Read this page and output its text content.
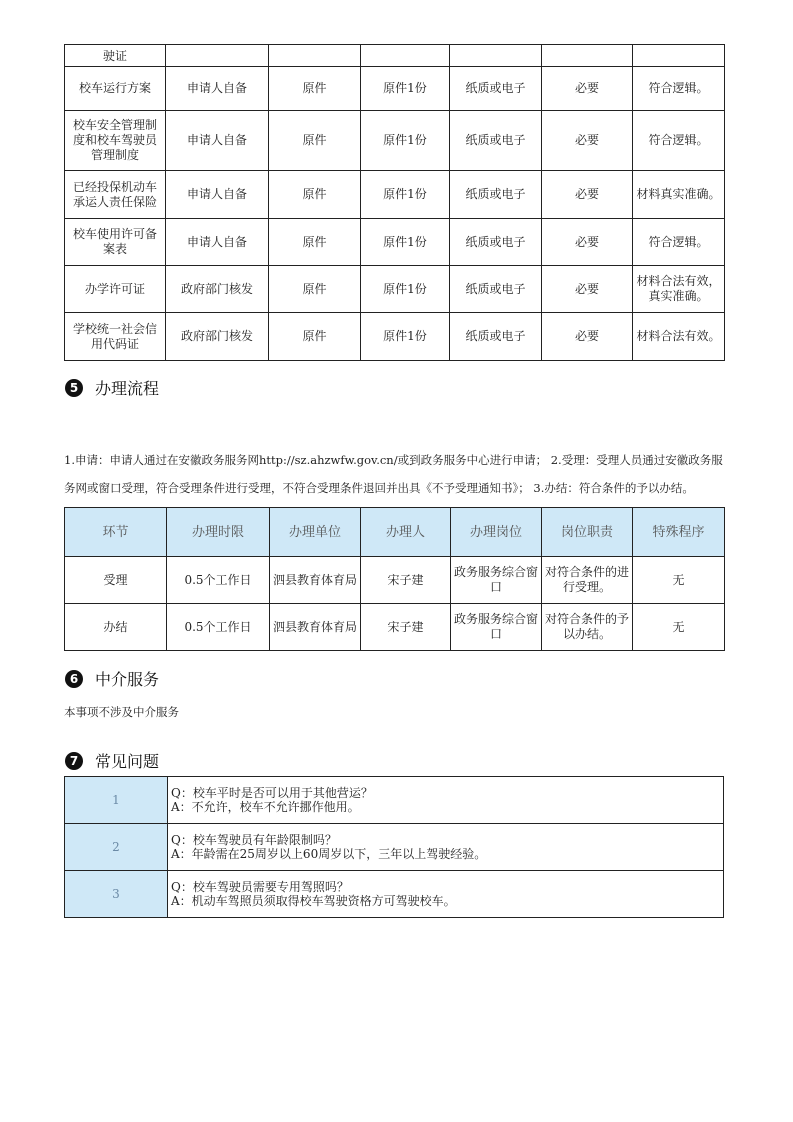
驶证						
校车运行方案	申请人自备	原件	原件1份	纸质或电子	必要	符合逻辑。
校车安全管理制度和校车驾驶员管理制度	申请人自备	原件	原件1份	纸质或电子	必要	符合逻辑。
已经投保机动车承运人责任保险	申请人自备	原件	原件1份	纸质或电子	必要	材料真实准确。
校车使用许可备案表	申请人自备	原件	原件1份	纸质或电子	必要	符合逻辑。
办学许可证	政府部门核发	原件	原件1份	纸质或电子	必要	材料合法有效，真实准确。
学校统一社会信用代码证	政府部门核发	原件	原件1份	纸质或电子	必要	材料合法有效。
5	办理流程
1.申请：申请人通过在安徽政务服务网http://sz.ahzwfw.gov.cn/或到政务服务中心进行申请； 2.受理：受理人员通过安徽政务服务网或窗口受理，符合受理条件进行受理，不符合受理条件退回并出具《不予受理通知书》； 3.办结：符合条件的予以办结。
环节	办理时限	办理单位	办理人	办理岗位	岗位职责	特殊程序
受理	0.5个工作日	泗县教育体育局	宋子建	政务服务综合窗口	对符合条件的进行受理。	无
办结	0.5个工作日	泗县教育体育局	宋子建	政务服务综合窗口	对符合条件的予以办结。	无
6	中介服务
本事项不涉及中介服务
7	常见问题
1	Q：校车平时是否可以用于其他营运？
A：不允许，校车不允许挪作他用。

2	Q：校车驾驶员有年龄限制吗？
A：年龄需在25周岁以上60周岁以下，三年以上驾驶经验。

3	Q：校车驾驶员需要专用驾照吗？
A：机动车驾照员须取得校车驾驶资格方可驾驶校车。
